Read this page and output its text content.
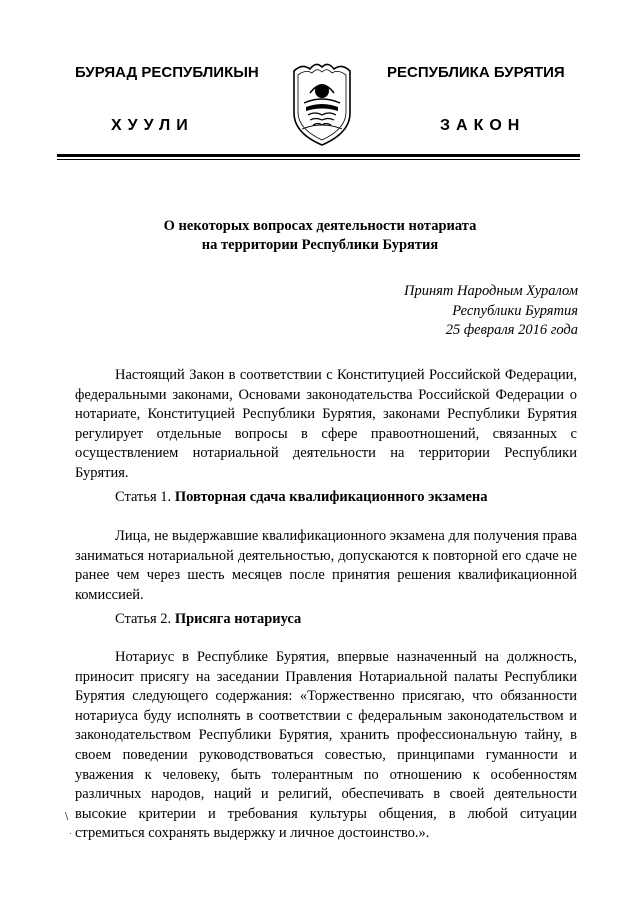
БУРЯАД РЕСПУБЛИКЫН	РЕСПУБЛИКА БУРЯТИЯ
ХУУЛИ	ЗАКОН
О некоторых вопросах деятельности нотариата
на территории Республики Бурятия
Принят Народным Хуралом
Республики Бурятия
25 февраля 2016 года
Настоящий Закон в соответствии с Конституцией Российской Федерации, федеральными законами, Основами законодательства Российской Федерации о нотариате, Конституцией Республики Бурятия, законами Республики Бурятия регулирует отдельные вопросы в сфере правоотношений, связанных с осуществлением нотариальной деятельности на территории Республики Бурятия.
Статья 1. Повторная сдача квалификационного экзамена
Лица, не выдержавшие квалификационного экзамена для получения права заниматься нотариальной деятельностью, допускаются к повторной его сдаче не ранее чем через шесть месяцев после принятия решения квалификационной комиссией.
Статья 2. Присяга нотариуса
Нотариус в Республике Бурятия, впервые назначенный на должность, приносит присягу на заседании Правления Нотариальной палаты Республики Бурятия следующего содержания: «Торжественно присягаю, что обязанности нотариуса буду исполнять в соответствии с федеральным законодательством и законодательством Республики Бурятия, хранить профессиональную тайну, в своем поведении руководствоваться совестью, принципами гуманности и уважения к человеку, быть толерантным по отношению к особенностям различных народов, наций и религий, обеспечивать в своей деятельности высокие критерии и требования культуры общения, в любой ситуации стремиться сохранять выдержку и личное достоинство.».
∖
·
